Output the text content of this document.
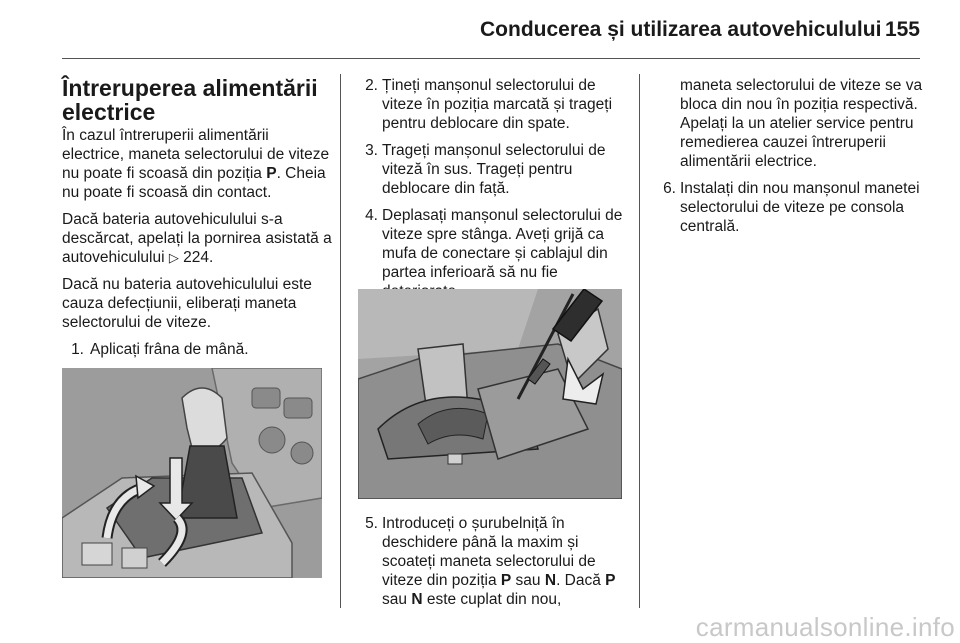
Conducerea și utilizarea autovehiculului 155
Întreruperea alimentării electrice

În cazul întreruperii alimentării electrice, maneta selectorului de viteze nu poate fi scoasă din poziția P. Cheia nu poate fi scoasă din contact.

Dacă bateria autovehiculului s-a descărcat, apelați la pornirea asistată a autovehiculului ▷ 224.

Dacă nu bateria autovehiculului este cauza defecțiunii, eliberați maneta selectorului de viteze.

1. Aplicați frâna de mână.
2. Țineți manșonul selectorului de viteze în poziția marcată și trageți pentru deblocare din spate.
3. Trageți manșonul selectorului de viteză în sus. Trageți pentru deblocare din față.
4. Deplasați manșonul selectorului de viteze spre stânga. Aveți grijă ca mufa de conectare și cablajul din partea inferioară să nu fie
5. Introduceți o șurubelniță în deschidere până la maxim și scoateți maneta selectorului de viteze din poziția P sau N. Dacă P sau N este cuplat din nou,

maneta selectorului de viteze se va bloca din nou în poziția respectivă. Apelați la un atelier service pentru remedierea cauzei întreruperii alimentării electrice.

6. Instalați din nou manșonul manetei selectorului de viteze pe consola centrală.
carmanualsonline.info
